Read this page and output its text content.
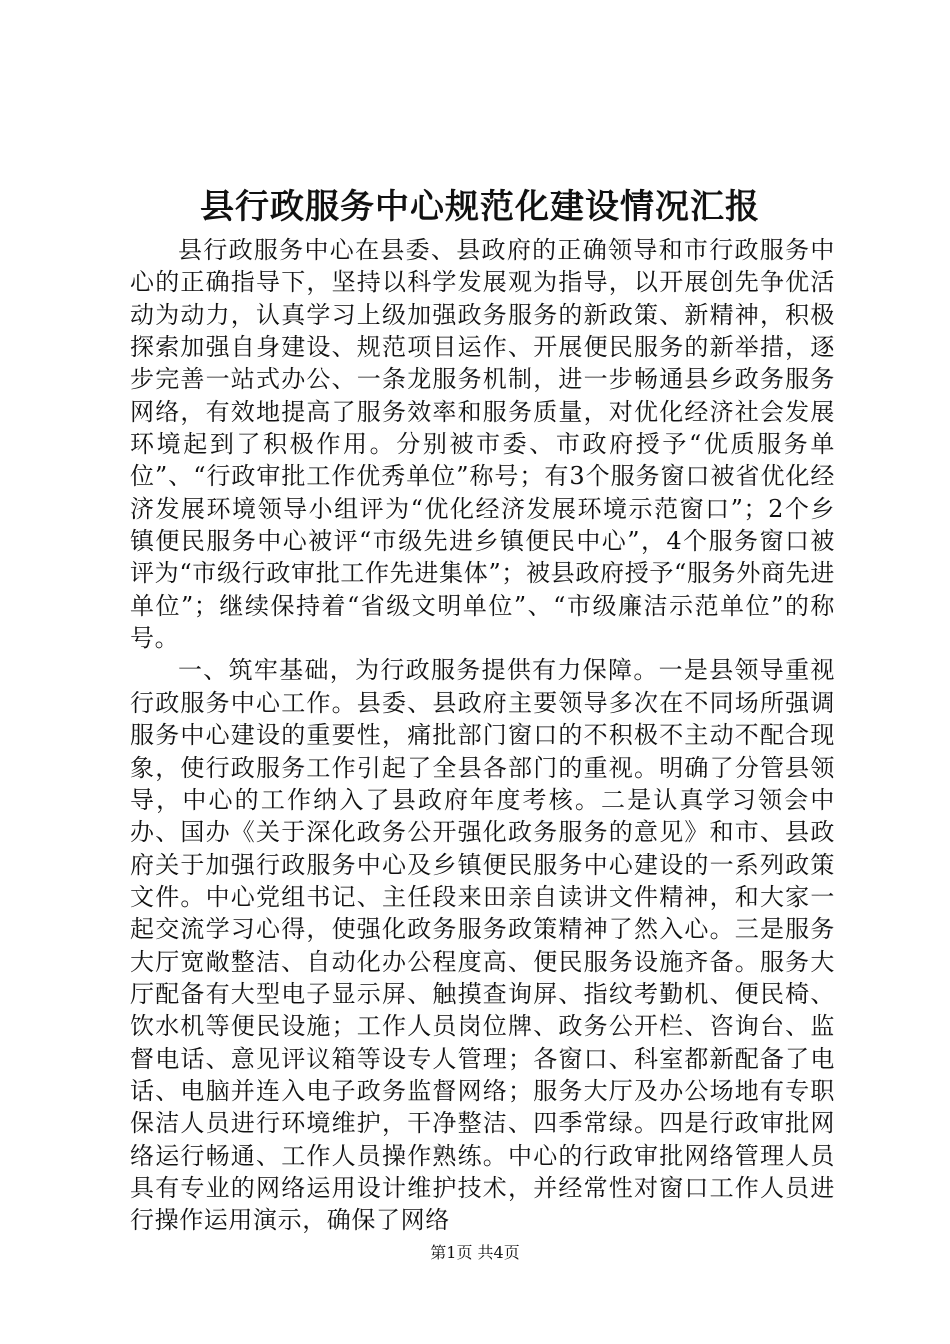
县行政服务中心规范化建设情况汇报

县行政服务中心在县委、县政府的正确领导和市行政服务中心的正确指导下，坚持以科学发展观为指导，以开展创先争优活动为动力，认真学习上级加强政务服务的新政策、新精神，积极探索加强自身建设、规范项目运作、开展便民服务的新举措，逐步完善一站式办公、一条龙服务机制，进一步畅通县乡政务服务网络，有效地提高了服务效率和服务质量，对优化经济社会发展环境起到了积极作用。分别被市委、市政府授予“优质服务单位”、“行政审批工作优秀单位”称号；有3个服务窗口被省优化经济发展环境领导小组评为“优化经济发展环境示范窗口”；2个乡镇便民服务中心被评“市级先进乡镇便民中心”，4个服务窗口被评为“市级行政审批工作先进集体”；被县政府授予“服务外商先进单位”；继续保持着“省级文明单位”、“市级廉洁示范单位”的称号。

一、筑牢基础，为行政服务提供有力保障。一是县领导重视行政服务中心工作。县委、县政府主要领导多次在不同场所强调服务中心建设的重要性，痛批部门窗口的不积极不主动不配合现象，使行政服务工作引起了全县各部门的重视。明确了分管县领导，中心的工作纳入了县政府年度考核。二是认真学习领会中办、国办《关于深化政务公开强化政务服务的意见》和市、县政府关于加强行政服务中心及乡镇便民服务中心建设的一系列政策文件。中心党组书记、主任段来田亲自读讲文件精神，和大家一起交流学习心得，使强化政务服务政策精神了然入心。三是服务大厅宽敞整洁、自动化办公程度高、便民服务设施齐备。服务大厅配备有大型电子显示屏、触摸查询屏、指纹考勤机、便民椅、饮水机等便民设施；工作人员岗位牌、政务公开栏、咨询台、监督电话、意见评议箱等设专人管理；各窗口、科室都新配备了电话、电脑并连入电子政务监督网络；服务大厅及办公场地有专职保洁人员进行环境维护，干净整洁、四季常绿。四是行政审批网络运行畅通、工作人员操作熟练。中心的行政审批网络管理人员具有专业的网络运用设计维护技术，并经常性对窗口工作人员进行操作运用演示，确保了网络

第1页 共4页
